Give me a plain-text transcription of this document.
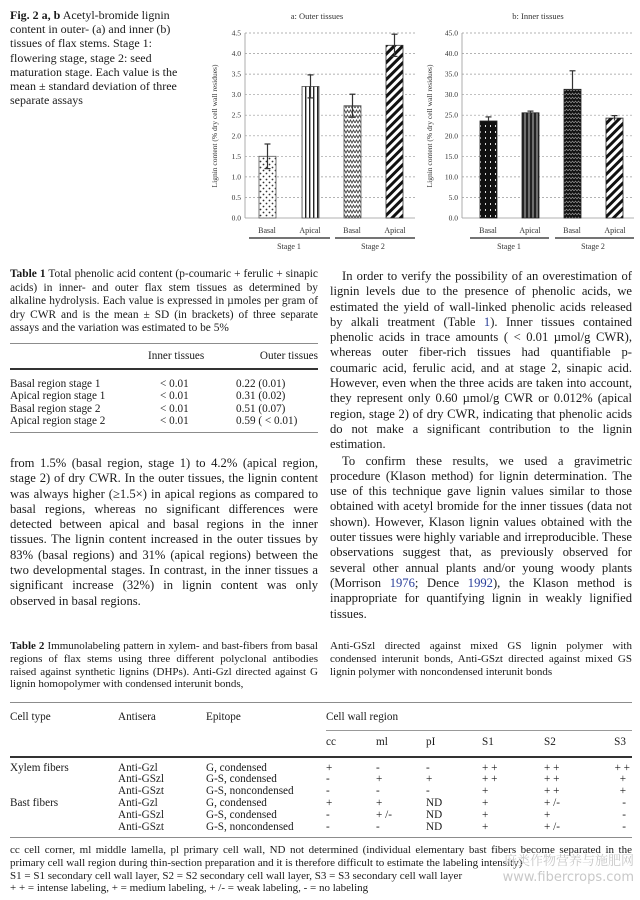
Fig. 2 a, b Acetyl-bromide lignin content in outer- (a) and inner (b) tissues of flax stems. Stage 1: flowering stage, stage 2: seed maturation stage. Each value is the mean ± standard deviation of three separate assays
a: Outer tissues
0.0
0.5
1.0
1.5
2.0
2.5
3.0
3.5
4.0
4.5
Lignin content (% dry cell wall residues)
Basal	Apical	Basal	Apical
Stage 1	Stage 2
b: Inner tissues
0.0
5.0
10.0
15.0
20.0
25.0
30.0
35.0
40.0
45.0
Lignin content (% dry cell wall residues)
Basal	Apical	Basal	Apical
Stage 1	Stage 2
Table 1 Total phenolic acid content (p-coumaric + ferulic + sinapic acids) in inner- and outer flax stem tissues as determined by alkaline hydrolysis. Each value is expressed in µmoles per gram of dry CWR and is the mean ± SD (in brackets) of three separate assays and the variation was estimated to be 5%
	Inner tissues	Outer tissues
Basal region stage 1	< 0.01	0.22 (0.01)
Apical region stage 1	< 0.01	0.31 (0.02)
Basal region stage 2	< 0.01	0.51 (0.07)
Apical region stage 2	< 0.01	0.59 ( < 0.01)

from 1.5% (basal region, stage 1) to 4.2% (apical region, stage 2) of dry CWR. In the outer tissues, the lignin content was always higher (≥1.5×) in apical regions as compared to basal regions, whereas no significant differences were detected between apical and basal regions in the inner tissues. The lignin content increased in the outer tissues by 83% (basal regions) and 31% (apical regions) between the two developmental stages. In contrast, in the inner tissues a significant increase (32%) in lignin content was only observed in basal regions.

In order to verify the possibility of an overestimation of lignin levels due to the presence of phenolic acids, we estimated the yield of wall-linked phenolic acids released by alkali treatment (Table 1). Inner tissues contained phenolic acids in trace amounts ( < 0.01 µmol/g CWR), whereas outer fiber-rich tissues had quantifiable p-coumaric acid, ferulic acid, and at stage 2, sinapic acid. However, even when the three acids are taken into account, they represent only 0.60 µmol/g CWR or 0.012% (apical region, stage 2) of dry CWR, indicating that phenolic acids do not make a significant contribution to the lignin estimation.

To confirm these results, we used a gravimetric procedure (Klason method) for lignin determination. The use of this technique gave lignin values similar to those obtained with acetyl bromide for the inner tissues (data not shown). However, Klason lignin values obtained with the outer tissues were highly variable and irreproducible. These observations suggest that, as previously observed for several other annual plants and/or young woody plants (Morrison 1976; Dence 1992), the Klason method is inappropriate for quantifying lignin in weakly lignified tissues.

Table 2 Immunolabeling pattern in xylem- and bast-fibers from basal regions of flax stems using three different polyclonal antibodies raised against synthetic lignins (DHPs). Anti-Gzl directed against G lignin homopolymer with condensed interunit bonds,
Anti-GSzl directed against mixed GS lignin polymer with condensed interunit bonds, Anti-GSzt directed against mixed GS lignin polymer with noncondensed interunit bonds
Cell type	Antisera	Epitope	Cell wall region
	cc	ml	pI	S1	S2	S3
Xylem fibers	Anti-Gzl	G, condensed	+	-	-	+ +	+ +	+ +
	Anti-GSzl	G-S, condensed	-	+	+	+ +	+ +	+
	Anti-GSzt	G-S, noncondensed	-	-	-	+	+ +	+
Bast fibers	Anti-Gzl	G, condensed	+	+	ND	+	+ /-	-
	Anti-GSzl	G-S, condensed	-	+ /-	ND	+	+	-
	Anti-GSzt	G-S, noncondensed	-	-	ND	+	+ /-	-
cc cell corner, ml middle lamella, pl primary cell wall, ND not determined (individual elementary bast fibers become separated in the primary cell wall region during thin-section preparation and it is therefore difficult to estimate the labeling intensity)
S1 = S1 secondary cell wall layer, S2 = S2 secondary cell wall layer, S3 = S3 secondary cell wall layer
+ + = intense labeling, + = medium labeling, + /- = weak labeling, - = no labeling
麻类作物营养与施肥网
www.fibercrops.com
